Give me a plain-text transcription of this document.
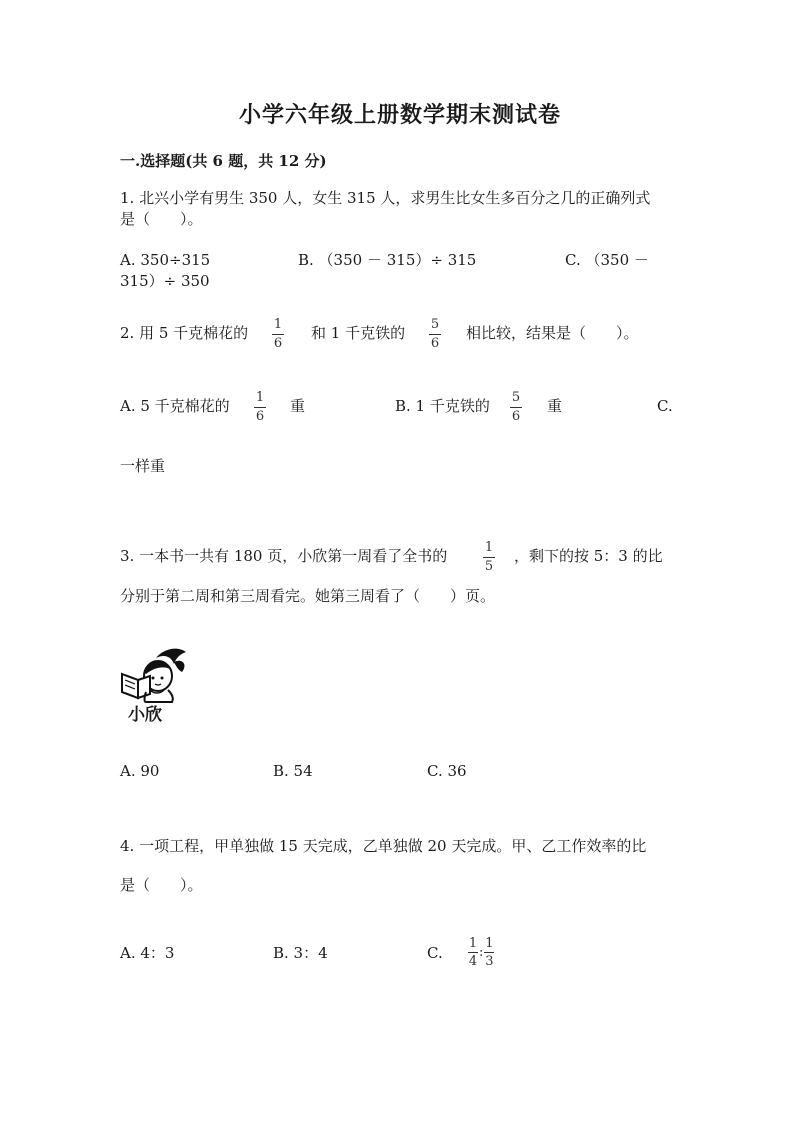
小学六年级上册数学期末测试卷
一.选择题(共 6 题，共 12 分)
1. 北兴小学有男生 350 人，女生 315 人，求男生比女生多百分之几的正确列式
是（　　）。
A. 350÷315	B. （350 － 315）÷ 315	C. （350 －
315）÷ 350
2. 用 5 千克棉花的 1
6
和 1 千克铁的 5
6
相比较，结果是（　　）。
A. 5 千克棉花的 1
6
重	B. 1 千克铁的 5
6
重	C.
一样重
3. 一本书一共有 180 页，小欣第一周看了全书的	1
5
，剩下的按 5：3 的比
分别于第二周和第三周看完。她第三周看了（　　）页。
小欣
A. 90	B. 54	C. 36
4. 一项工程，甲单独做 15 天完成，乙单独做 20 天完成。甲、乙工作效率的比
是（　　）。
A. 4：3	B. 3：4	C.
1
4
:
1
3
